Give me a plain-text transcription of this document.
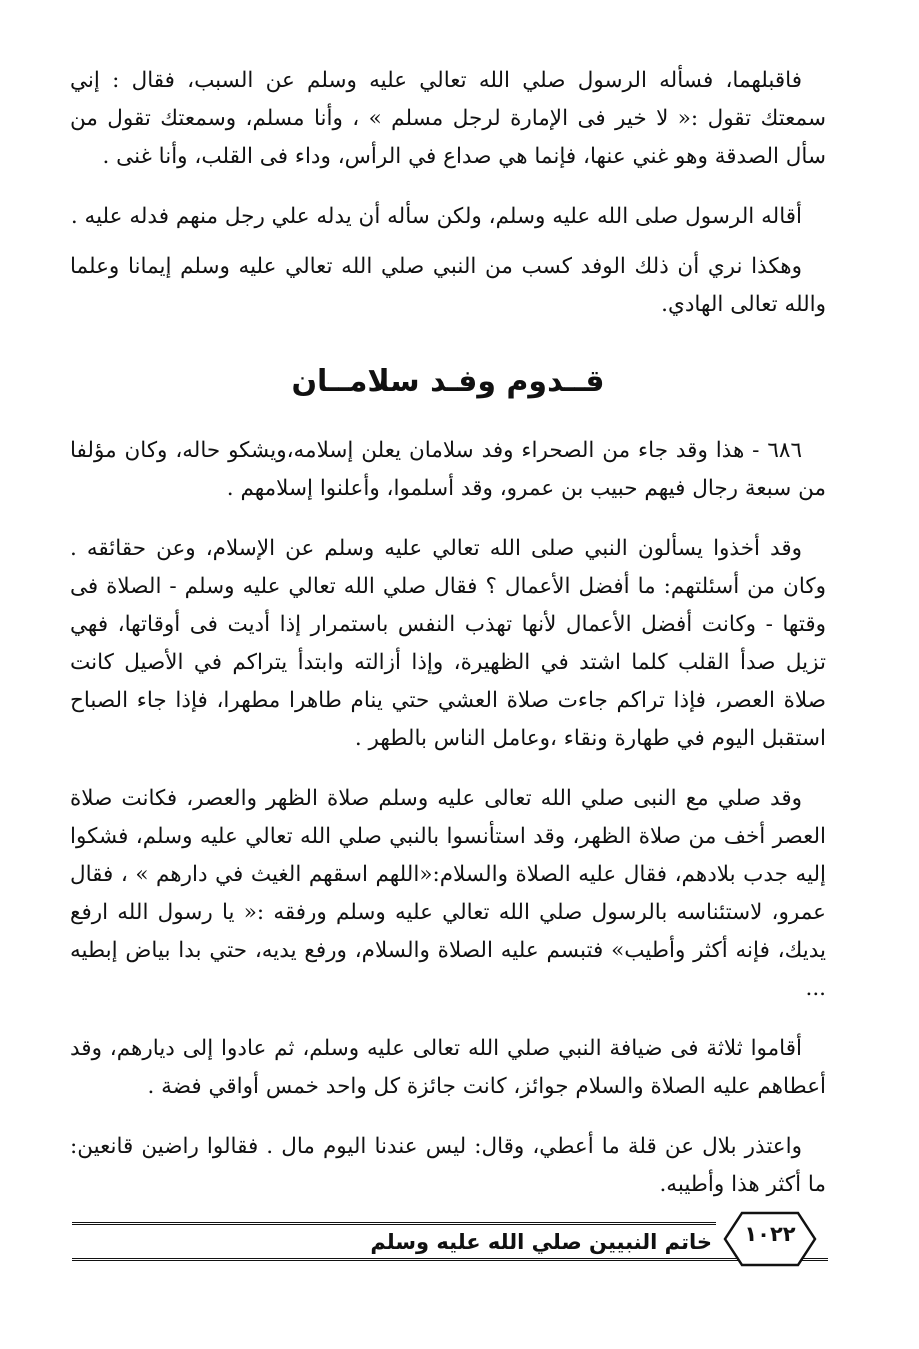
فاقبلهما، فسأله الرسول صلي الله تعالي عليه وسلم عن السبب، فقال : إني سمعتك تقول :« لا خير فى الإمارة لرجل مسلم » ، وأنا مسلم، وسمعتك تقول من سأل الصدقة وهو غني عنها، فإنما هي صداع في الرأس، وداء فى القلب، وأنا غنى .

أقاله الرسول صلى الله عليه وسلم، ولكن سأله أن يدله علي رجل منهم فدله عليه .

وهكذا نري أن ذلك الوفد كسب من النبي صلي الله تعالي عليه وسلم إيمانا وعلما والله تعالى الهادي.

قــدوم وفـد سلامــان

٦٨٦ - هذا وقد جاء من الصحراء وفد سلامان يعلن إسلامه،ويشكو حاله، وكان مؤلفا من سبعة رجال فيهم حبيب بن عمرو، وقد أسلموا، وأعلنوا إسلامهم .

وقد أخذوا يسألون النبي صلى الله تعالي عليه وسلم عن الإسلام، وعن حقائقه . وكان من أسئلتهم: ما أفضل الأعمال ؟ فقال صلي الله تعالي عليه وسلم - الصلاة فى وقتها - وكانت أفضل الأعمال لأنها تهذب النفس باستمرار إذا أديت فى أوقاتها، فهي تزيل صدأ القلب كلما اشتد في الظهيرة، وإذا أزالته وابتدأ يتراكم في الأصيل كانت صلاة العصر، فإذا تراكم جاءت صلاة العشي حتي ينام طاهرا مطهرا، فإذا جاء الصباح استقبل اليوم في طهارة ونقاء ،وعامل الناس بالطهر .

وقد صلي مع النبى صلي الله تعالى عليه وسلم صلاة الظهر والعصر، فكانت صلاة العصر أخف من صلاة الظهر، وقد استأنسوا بالنبي صلي الله تعالي عليه وسلم، فشكوا إليه جدب بلادهم، فقال عليه الصلاة والسلام:«اللهم اسقهم الغيث في دارهم » ، فقال عمرو، لاستئناسه بالرسول صلي الله تعالي عليه وسلم ورفقه :« يا رسول الله ارفع يديك، فإنه أكثر وأطيب» فتبسم عليه الصلاة والسلام، ورفع يديه، حتي بدا بياض إبطيه ...

أقاموا ثلاثة فى ضيافة النبي صلي الله تعالى عليه وسلم، ثم عادوا إلى ديارهم، وقد أعطاهم عليه الصلاة والسلام جوائز، كانت جائزة كل واحد خمس أواقي فضة .

واعتذر بلال عن قلة ما أعطي، وقال: ليس عندنا اليوم مال . فقالوا راضين قانعين: ما أكثر هذا وأطيبه.

١٠٢٢
خاتم النبيين صلي الله عليه وسلم
